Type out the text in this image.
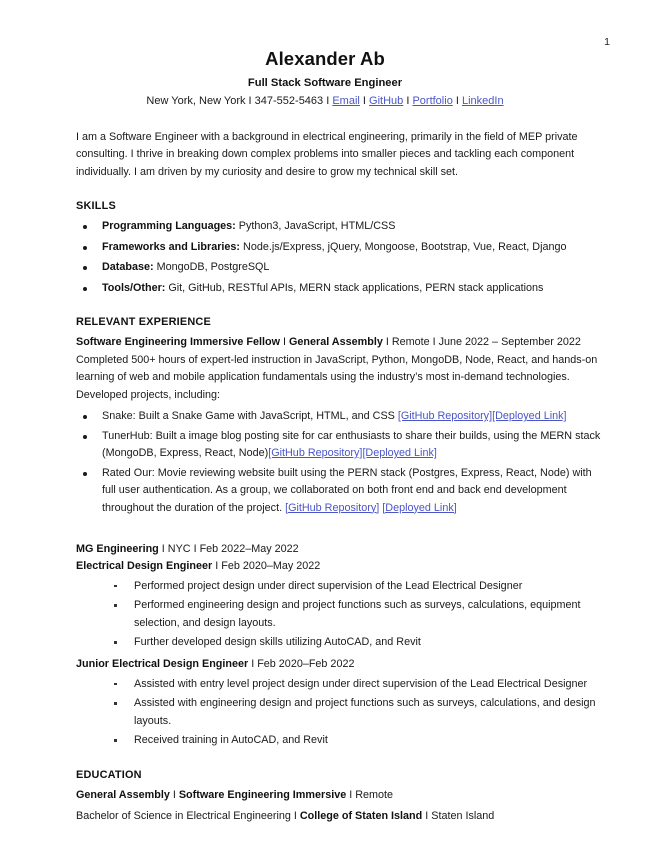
1
Alexander Ab
Full Stack Software Engineer
New York, New York I 347-552-5463 I Email I GitHub I Portfolio I LinkedIn

I am a Software Engineer with a background in electrical engineering, primarily in the field of MEP private consulting. I thrive in breaking down complex problems into smaller pieces and tackling each component individually. I am driven by my curiosity and desire to grow my technical skill set.

SKILLS
Programming Languages: Python3, JavaScript, HTML/CSS
Frameworks and Libraries: Node.js/Express, jQuery, Mongoose, Bootstrap, Vue, React, Django
Database: MongoDB, PostgreSQL
Tools/Other: Git, GitHub, RESTful APIs, MERN stack applications, PERN stack applications
RELEVANT EXPERIENCE

Software Engineering Immersive Fellow I General Assembly I Remote I June 2022 – September 2022

Completed 500+ hours of expert-led instruction in JavaScript, Python, MongoDB, Node, React, and hands-on learning of web and mobile application fundamentals using the industry’s most in-demand technologies. Developed projects, including:

Snake: Built a Snake Game with JavaScript, HTML, and CSS [GitHub Repository][Deployed Link]
TunerHub: Built a image blog posting site for car enthusiasts to share their builds, using the MERN stack (MongoDB, Express, React, Node)[GitHub Repository][Deployed Link]
Rated Our: Movie reviewing website built using the PERN stack (Postgres, Express, React, Node) with full user authentication. As a group, we collaborated on both front end and back end development throughout the duration of the project. [GitHub Repository] [Deployed Link]

MG Engineering I NYC I Feb 2022–May 2022

Electrical Design Engineer I Feb 2020–May 2022

Performed project design under direct supervision of the Lead Electrical Designer
Performed engineering design and project functions such as surveys, calculations, equipment selection, and design layouts.
Further developed design skills utilizing AutoCAD, and Revit

Junior Electrical Design Engineer I Feb 2020–Feb 2022

Assisted with entry level project design under direct supervision of the Lead Electrical Designer
Assisted with engineering design and project functions such as surveys, calculations, and design layouts.
Received training in AutoCAD, and Revit
EDUCATION

General Assembly I Software Engineering Immersive I Remote

Bachelor of Science in Electrical Engineering I College of Staten Island I Staten Island
